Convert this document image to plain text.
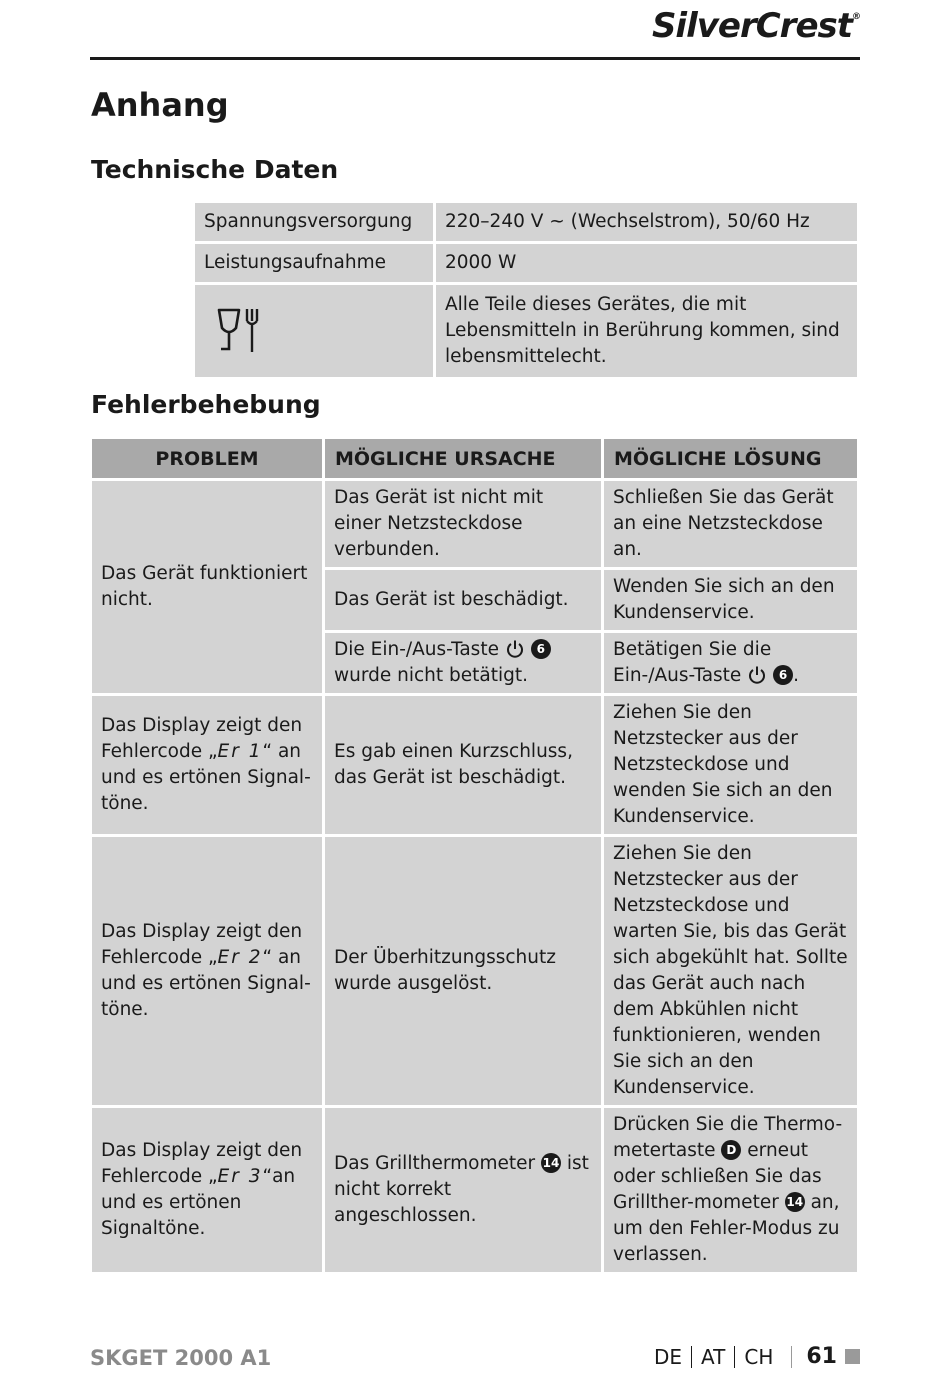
SilverCrest®
Anhang
Technische Daten
Spannungsversorgung	220–240 V ~ (Wechselstrom), 50/60 Hz
Leistungsaufnahme	2000 W

	Alle Teile dieses Gerätes, die mit Lebensmitteln in Berührung kommen, sind lebensmittelecht.
Fehlerbehebung
PROBLEM	MÖGLICHE URSACHE	MÖGLICHE LÖSUNG
Das Gerät funktioniert nicht.	Das Gerät ist nicht mit einer Netzsteckdose verbunden.	Schließen Sie das Gerät an eine Netzsteckdose an.
	Das Gerät ist beschädigt.	Wenden Sie sich an den Kundenservice.
	Die Ein-/Aus-Taste 6 wurde nicht betätigt.	Betätigen Sie die Ein-/Aus-Taste 6 .
Das Display zeigt den Fehlercode „Er 1“ an und es ertönen Signal-töne.	Es gab einen Kurzschluss, das Gerät ist beschädigt.	Ziehen Sie den Netzstecker aus der Netzsteckdose und wenden Sie sich an den Kundenservice.
Das Display zeigt den Fehlercode „Er 2“ an und es ertönen Signal-töne.	Der Überhitzungsschutz wurde ausgelöst.	Ziehen Sie den Netzstecker aus der Netzsteckdose und warten Sie, bis das Gerät sich abgekühlt hat. Sollte das Gerät auch nach dem Abkühlen nicht funktionieren, wenden Sie sich an den Kundenservice.
Das Display zeigt den Fehlercode „Er 3“an und es ertönen Signaltöne.	Das Grillthermometer 14 ist nicht korrekt angeschlossen.	Drücken Sie die Thermo-metertaste D erneut oder schließen Sie das Grillther-mometer 14 an, um den Fehler-Modus zu verlassen.
SKGET 2000 A1	DE AT CH 61
